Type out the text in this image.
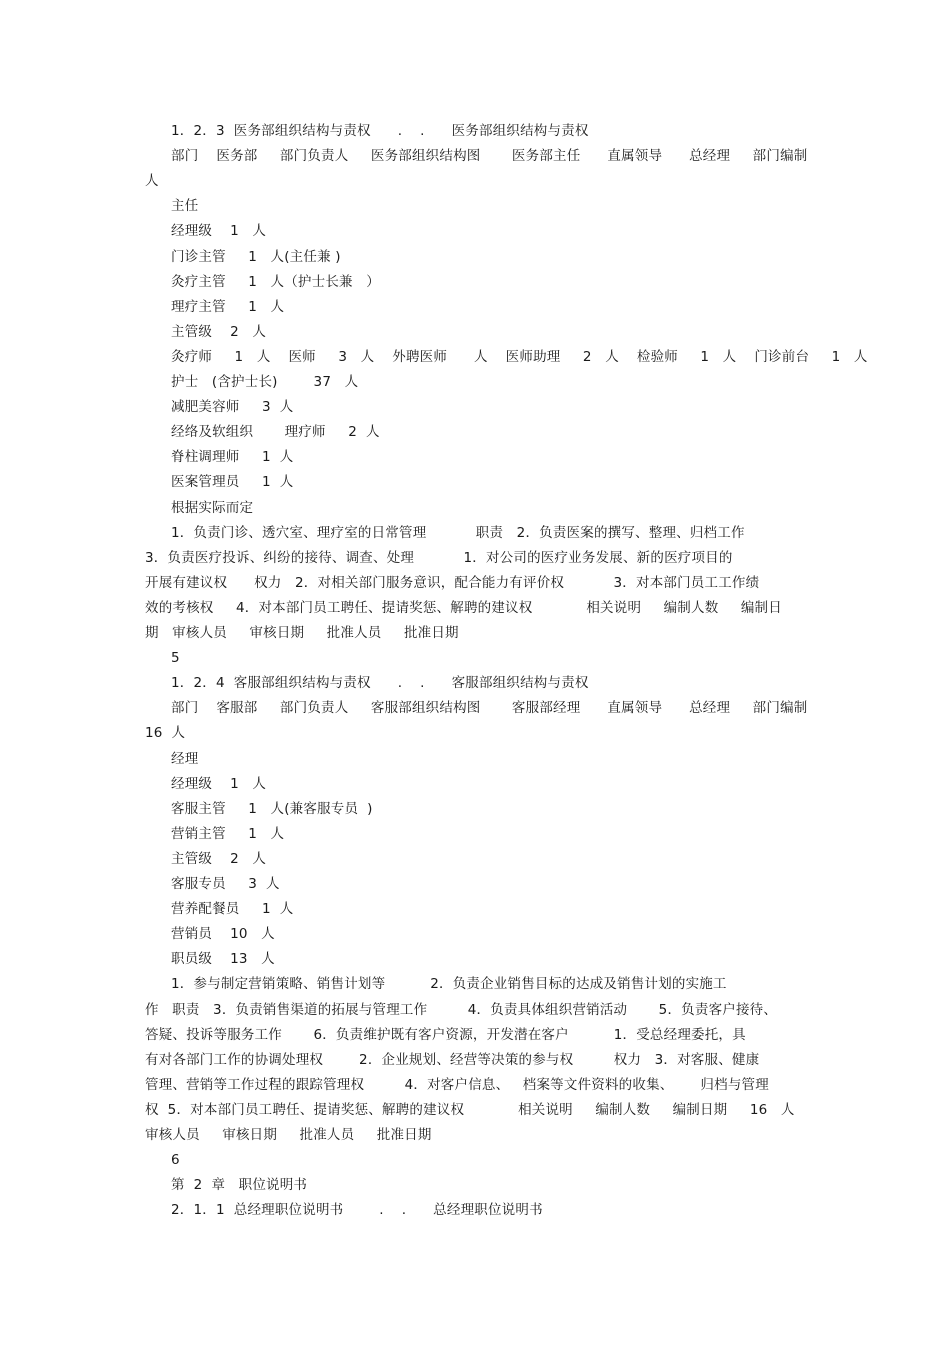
1．2．3  医务部组织结构与责权      .    .      医务部组织结构与责权
部门    医务部     部门负责人     医务部组织结构图       医务部主任      直属领导      总经理     部门编制
人
主任
经理级    1   人
门诊主管     1   人(主任兼 )
灸疗主管     1   人（护士长兼   ）
理疗主管     1   人
主管级    2   人
灸疗师     1   人    医师     3   人    外聘医师      人    医师助理     2   人    检验师     1   人    门诊前台     1   人
护士   (含护士长)        37   人
减肥美容师     3  人
经络及软组织       理疗师     2  人
脊柱调理师     1  人
医案管理员     1  人
根据实际而定
1．负责门诊、透穴室、理疗室的日常管理           职责   2．负责医案的撰写、整理、归档工作
3．负责医疗投诉、纠纷的接待、调查、处理           1．对公司的医疗业务发展、新的医疗项目的
开展有建议权      权力   2．对相关部门服务意识，配合能力有评价权           3．对本部门员工工作绩
效的考核权     4．对本部门员工聘任、提请奖惩、解聘的建议权            相关说明     编制人数     编制日
期   审核人员     审核日期     批准人员     批准日期
5
1．2．4  客服部组织结构与责权      .    .      客服部组织结构与责权
部门    客服部     部门负责人     客服部组织结构图       客服部经理      直属领导      总经理     部门编制
16  人
经理
经理级    1   人
客服主管     1   人(兼客服专员  )
营销主管     1   人
主管级    2   人
客服专员     3  人
营养配餐员     1  人
营销员    10   人
职员级    13   人
1．参与制定营销策略、销售计划等          2．负责企业销售目标的达成及销售计划的实施工
作   职责   3．负责销售渠道的拓展与管理工作         4．负责具体组织营销活动       5．负责客户接待、
答疑、投诉等服务工作       6．负责维护既有客户资源，开发潜在客户          1．受总经理委托，具
有对各部门工作的协调处理权        2．企业规划、经营等决策的参与权         权力   3．对客服、健康
管理、营销等工作过程的跟踪管理权         4．对客户信息、   档案等文件资料的收集、      归档与管理
权  5．对本部门员工聘任、提请奖惩、解聘的建议权            相关说明     编制人数     编制日期     16   人
审核人员     审核日期     批准人员     批准日期
6
第  2  章   职位说明书
2．1．1  总经理职位说明书        .    .      总经理职位说明书
